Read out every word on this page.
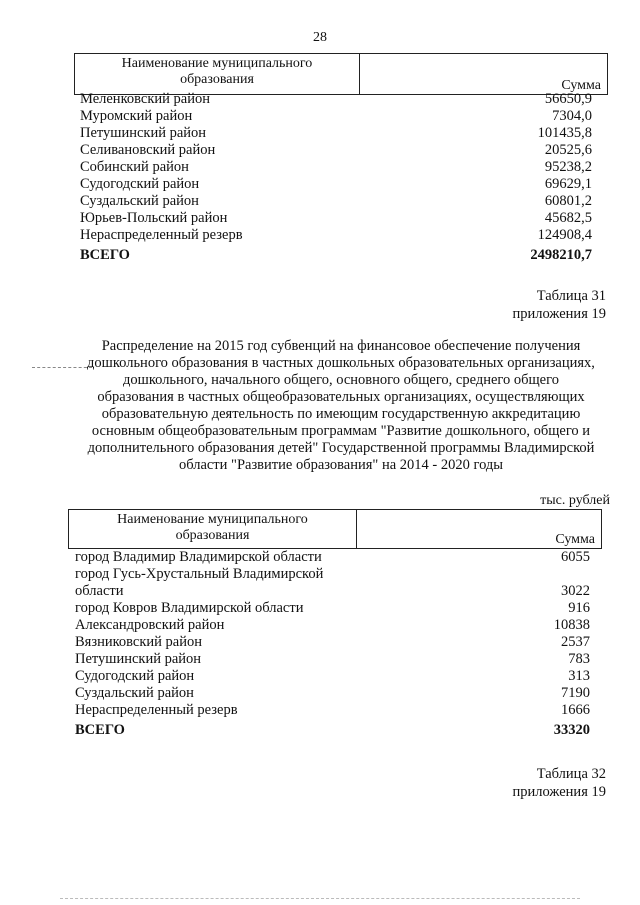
28
Наименование муниципального образования	Сумма
Меленковский район	56650,9
Муромский район	7304,0
Петушинский район	101435,8
Селивановский район	20525,6
Собинский район	95238,2
Судогодский район	69629,1
Суздальский район	60801,2
Юрьев-Польский район	45682,5
Нераспределенный резерв	124908,4
ВСЕГО	2498210,7
Таблица 31
приложения 19
Распределение на 2015 год субвенций на финансовое обеспечение получения
дошкольного образования в частных дошкольных образовательных организациях,
дошкольного, начального общего, основного общего, среднего общего
образования в частных общеобразовательных организациях, осуществляющих
образовательную деятельность по имеющим государственную аккредитацию
основным общеобразовательным программам "Развитие дошкольного, общего и
дополнительного образования детей" Государственной программы Владимирской
области "Развитие образования" на 2014 - 2020 годы
тыс. рублей
Наименование муниципального образования	Сумма
город Владимир Владимирской области	6055
город Гусь-Хрустальный Владимирской
области	3022
город Ковров Владимирской области	916
Александровский район	10838
Вязниковский район	2537
Петушинский район	783
Судогодский район	313
Суздальский район	7190
Нераспределенный резерв	1666
ВСЕГО	33320
Таблица 32
приложения 19
